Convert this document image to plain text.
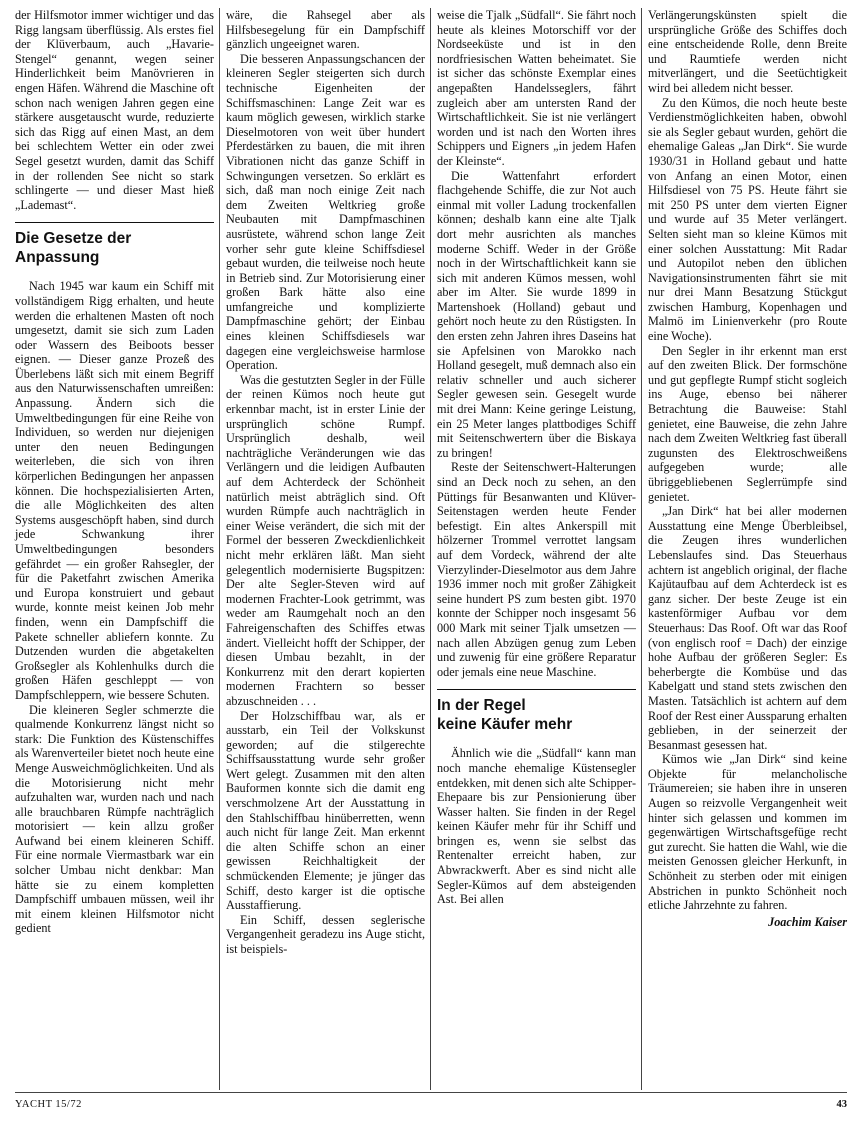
der Hilfsmotor immer wichtiger und das Rigg langsam überflüssig. Als erstes fiel der Klüverbaum, auch „Havarie-Stengel“ genannt, wegen seiner Hinderlichkeit beim Manövrieren in engen Häfen. Während die Maschine oft schon nach wenigen Jahren gegen eine stärkere ausgetauscht wurde, reduzierte sich das Rigg auf einen Mast, an dem bei schlechtem Wetter ein oder zwei Segel gesetzt wurden, damit das Schiff in der rollenden See nicht so stark schlingerte — und dieser Mast hieß „Lademast“.

Die Gesetze der
Anpassung

Nach 1945 war kaum ein Schiff mit vollständigem Rigg erhalten, und heute werden die erhaltenen Masten oft noch umgesetzt, damit sie sich zum Laden oder Wassern des Beiboots besser eignen. — Dieser ganze Prozeß des Überlebens läßt sich mit einem Begriff aus den Naturwissenschaften umreißen: Anpassung. Ändern sich die Umweltbedingungen für eine Reihe von Individuen, so werden nur diejenigen unter den neuen Bedingungen weiterleben, die sich von ihren körperlichen Bedingungen her anpassen können. Die hochspezialisierten Arten, die alle Möglichkeiten des alten Systems ausgeschöpft haben, sind durch jede Schwankung ihrer Umweltbedingungen besonders gefährdet — ein großer Rahsegler, der für die Paketfahrt zwischen Amerika und Europa konstruiert und gebaut wurde, konnte meist keinen Job mehr finden, wenn ein Dampfschiff die Pakete schneller abliefern konnte. Zu Dutzenden wurden die abgetakelten Großsegler als Kohlenhulks durch die großen Häfen geschleppt — von Dampfschleppern, wie bessere Schuten.

Die kleineren Segler schmerzte die qualmende Konkurrenz längst nicht so stark: Die Funktion des Küstenschiffes als Warenverteiler bietet noch heute eine Menge Ausweichmöglichkeiten. Und als die Motorisierung nicht mehr aufzuhalten war, wurden nach und nach alle brauchbaren Rümpfe nachträglich motorisiert — kein allzu großer Aufwand bei einem kleineren Schiff. Für eine normale Viermastbark war ein solcher Umbau nicht denkbar: Man hätte sie zu einem kompletten Dampfschiff umbauen müssen, weil ihr mit einem kleinen Hilfsmotor nicht gedient

wäre, die Rahsegel aber als Hilfsbesegelung für ein Dampfschiff gänzlich ungeeignet waren.

Die besseren Anpassungschancen der kleineren Segler steigerten sich durch technische Eigenheiten der Schiffsmaschinen: Lange Zeit war es kaum möglich gewesen, wirklich starke Dieselmotoren von weit über hundert Pferdestärken zu bauen, die mit ihren Vibrationen nicht das ganze Schiff in Schwingungen versetzen. So erklärt es sich, daß man noch einige Zeit nach dem Zweiten Weltkrieg große Neubauten mit Dampfmaschinen ausrüstete, während schon lange Zeit vorher sehr gute kleine Schiffsdiesel gebaut wurden, die teilweise noch heute in Betrieb sind. Zur Motorisierung einer großen Bark hätte also eine umfangreiche und komplizierte Dampfmaschine gehört; der Einbau eines kleinen Schiffsdiesels war dagegen eine vergleichsweise harmlose Operation.

Was die gestutzten Segler in der Fülle der reinen Kümos noch heute gut erkennbar macht, ist in erster Linie der ursprünglich schöne Rumpf. Ursprünglich deshalb, weil nachträgliche Veränderungen wie das Verlängern und die leidigen Aufbauten auf dem Achterdeck der Schönheit natürlich meist abträglich sind. Oft wurden Rümpfe auch nachträglich in einer Weise verändert, die sich mit der Formel der besseren Zweckdienlichkeit nicht mehr erklären läßt. Man sieht gelegentlich modernisierte Bugspitzen: Der alte Segler-Steven wird auf modernen Frachter-Look getrimmt, was weder am Raumgehalt noch an den Fahreigenschaften des Schiffes etwas ändert. Vielleicht hofft der Schipper, der diesen Umbau bezahlt, in der Konkurrenz mit den derart kopierten modernen Frachtern so besser abzuschneiden . . .

Der Holzschiffbau war, als er ausstarb, ein Teil der Volkskunst geworden; auf die stilgerechte Schiffsausstattung wurde sehr großer Wert gelegt. Zusammen mit den alten Bauformen konnte sich die damit eng verschmolzene Art der Ausstattung in den Stahlschiffbau hinüberretten, wenn auch nicht für lange Zeit. Man erkennt die alten Schiffe schon an einer gewissen Reichhaltigkeit der schmückenden Elemente; je jünger das Schiff, desto karger ist die optische Ausstaffierung.

Ein Schiff, dessen seglerische Vergangenheit geradezu ins Auge sticht, ist beispiels-

weise die Tjalk „Südfall“. Sie fährt noch heute als kleines Motorschiff vor der Nordseeküste und ist in den nordfriesischen Watten beheimatet. Sie ist sicher das schönste Exemplar eines angepaßten Handelsseglers, fährt zugleich aber am untersten Rand der Wirtschaftlichkeit. Sie ist nie verlängert worden und ist nach den Worten ihres Schippers und Eigners „in jedem Hafen der Kleinste“.

Die Wattenfahrt erfordert flachgehende Schiffe, die zur Not auch einmal mit voller Ladung trockenfallen können; deshalb kann eine alte Tjalk dort mehr ausrichten als manches moderne Schiff. Weder in der Größe noch in der Wirtschaftlichkeit kann sie sich mit anderen Kümos messen, wohl aber im Alter. Sie wurde 1899 in Martenshoek (Holland) gebaut und gehört noch heute zu den Rüstigsten. In den ersten zehn Jahren ihres Daseins hat sie Apfelsinen von Marokko nach Holland gesegelt, muß demnach also ein relativ schneller und auch sicherer Segler gewesen sein. Gesegelt wurde mit drei Mann: Keine geringe Leistung, ein 25 Meter langes plattbodiges Schiff mit Seitenschwertern über die Biskaya zu bringen!

Reste der Seitenschwert-Halterungen sind an Deck noch zu sehen, an den Püttings für Besanwanten und Klüver-Seitenstagen werden heute Fender befestigt. Ein altes Ankerspill mit hölzerner Trommel verrottet langsam auf dem Vordeck, während der alte Vierzylinder-Dieselmotor aus dem Jahre 1936 immer noch mit großer Zähigkeit seine hundert PS zum besten gibt. 1970 konnte der Schipper noch insgesamt 56 000 Mark mit seiner Tjalk umsetzen — nach allen Abzügen genug zum Leben und zuwenig für eine größere Reparatur oder jemals eine neue Maschine.

In der Regel
keine Käufer mehr

Ähnlich wie die „Südfall“ kann man noch manche ehemalige Küstensegler entdekken, mit denen sich alte Schipper-Ehepaare bis zur Pensionierung über Wasser halten. Sie finden in der Regel keinen Käufer mehr für ihr Schiff und bringen es, wenn sie selbst das Rentenalter erreicht haben, zur Abwrackwerft. Aber es sind nicht alle Segler-Kümos auf dem absteigenden Ast. Bei allen

Verlängerungskünsten spielt die ursprüngliche Größe des Schiffes doch eine entscheidende Rolle, denn Breite und Raumtiefe werden nicht mitverlängert, und die Seetüchtigkeit wird bei alledem nicht besser.

Zu den Kümos, die noch heute beste Verdienstmöglichkeiten haben, obwohl sie als Segler gebaut wurden, gehört die ehemalige Galeas „Jan Dirk“. Sie wurde 1930/31 in Holland gebaut und hatte von Anfang an einen Motor, einen Hilfsdiesel von 75 PS. Heute fährt sie mit 250 PS unter dem vierten Eigner und wurde auf 35 Meter verlängert. Selten sieht man so kleine Kümos mit einer solchen Ausstattung: Mit Radar und Autopilot neben den üblichen Navigationsinstrumenten fährt sie mit nur drei Mann Besatzung Stückgut zwischen Hamburg, Kopenhagen und Malmö im Linienverkehr (pro Route eine Woche).

Den Segler in ihr erkennt man erst auf den zweiten Blick. Der formschöne und gut gepflegte Rumpf sticht sogleich ins Auge, ebenso bei näherer Betrachtung die Bauweise: Stahl genietet, eine Bauweise, die zehn Jahre nach dem Zweiten Weltkrieg fast überall zugunsten des Elektroschweißens aufgegeben wurde; alle übriggebliebenen Seglerrümpfe sind genietet.

„Jan Dirk“ hat bei aller modernen Ausstattung eine Menge Überbleibsel, die Zeugen ihres wunderlichen Lebenslaufes sind. Das Steuerhaus achtern ist angeblich original, der flache Kajütaufbau auf dem Achterdeck ist es ganz sicher. Der beste Zeuge ist ein kastenförmiger Aufbau vor dem Steuerhaus: Das Roof. Oft war das Roof (von englisch roof = Dach) der einzige hohe Aufbau der größeren Segler: Es beherbergte die Kombüse und das Kabelgatt und stand stets zwischen den Masten. Tatsächlich ist achtern auf dem Roof der Rest einer Aussparung erhalten geblieben, in der seinerzeit der Besanmast gesessen hat.

Kümos wie „Jan Dirk“ sind keine Objekte für melancholische Träumereien; sie haben ihre in unseren Augen so reizvolle Vergangenheit weit hinter sich gelassen und kommen im gegenwärtigen Wirtschaftsgefüge recht gut zurecht. Sie hatten die Wahl, wie die meisten Genossen gleicher Herkunft, in Schönheit zu sterben oder mit einigen Abstrichen in punkto Schönheit noch etliche Jahrzehnte zu fahren.

Joachim Kaiser
YACHT 15/72	43
